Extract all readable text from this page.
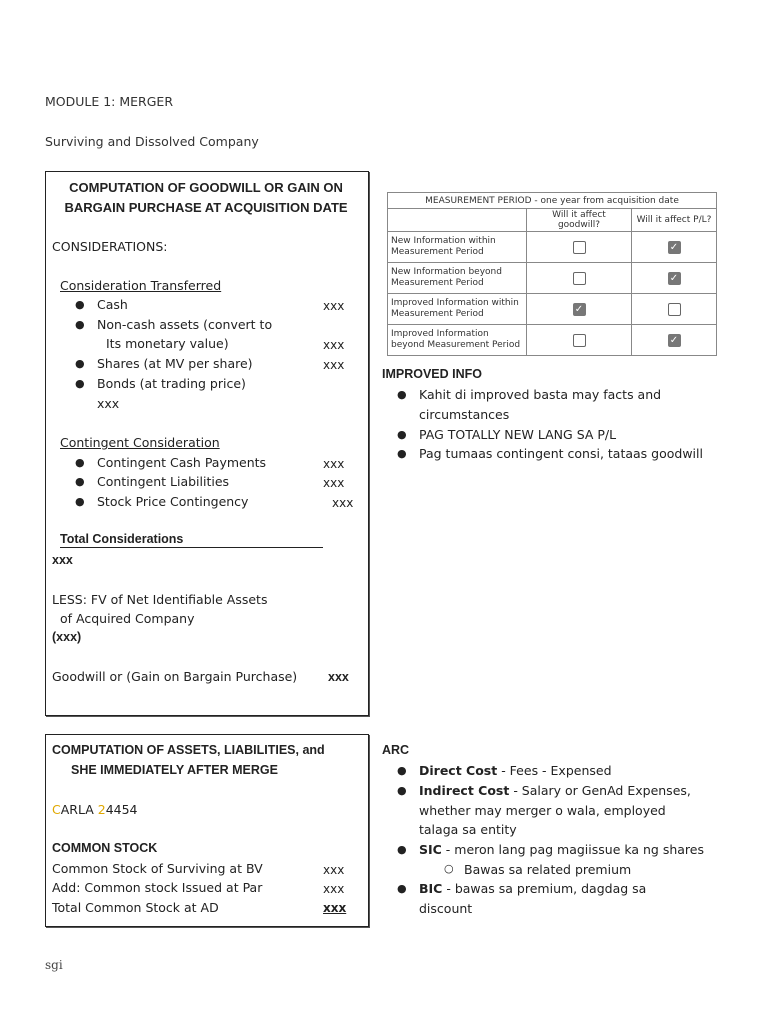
MODULE 1: MERGER
Surviving and Dissolved Company
COMPUTATION OF GOODWILL OR GAIN ON
BARGAIN PURCHASE AT ACQUISITION DATE
CONSIDERATIONS:
Consideration Transferred
● Cash	xxx
● Non-cash assets (convert to
Its monetary value)	xxx
● Shares (at MV per share)	xxx
● Bonds (at trading price)
xxx
Contingent Consideration
● Contingent Cash Payments	xxx
● Contingent Liabilities	xxx
● Stock Price Contingency	xxx
Total Considerations
xxx
LESS: FV of Net Identifiable Assets
of Acquired Company
(xxx)
Goodwill or (Gain on Bargain Purchase) xxx
MEASUREMENT PERIOD - one year from acquisition date		
	Will it affect goodwill?	Will it affect P/L?
New Information within Measurement Period		✓
New Information beyond Measurement Period		✓
Improved Information within Measurement Period	✓	
Improved Information beyond Measurement Period		✓
IMPROVED INFO
● Kahit di improved basta may facts and
circumstances
● PAG TOTALLY NEW LANG SA P/L
● Pag tumaas contingent consi, tataas goodwill
COMPUTATION OF ASSETS, LIABILITIES, and
SHE IMMEDIATELY AFTER MERGE
CARLA 24454
COMMON STOCK
Common Stock of Surviving at BV	xxx
Add: Common stock Issued at Par	xxx
Total Common Stock at AD	xxx
ARC
● Direct Cost - Fees - Expensed
● Indirect Cost - Salary or GenAd Expenses,
whether may merger o wala, employed
talaga sa entity
● SIC - meron lang pag magiissue ka ng shares
○ Bawas sa related premium
● BIC - bawas sa premium, dagdag sa
discount
sgi
